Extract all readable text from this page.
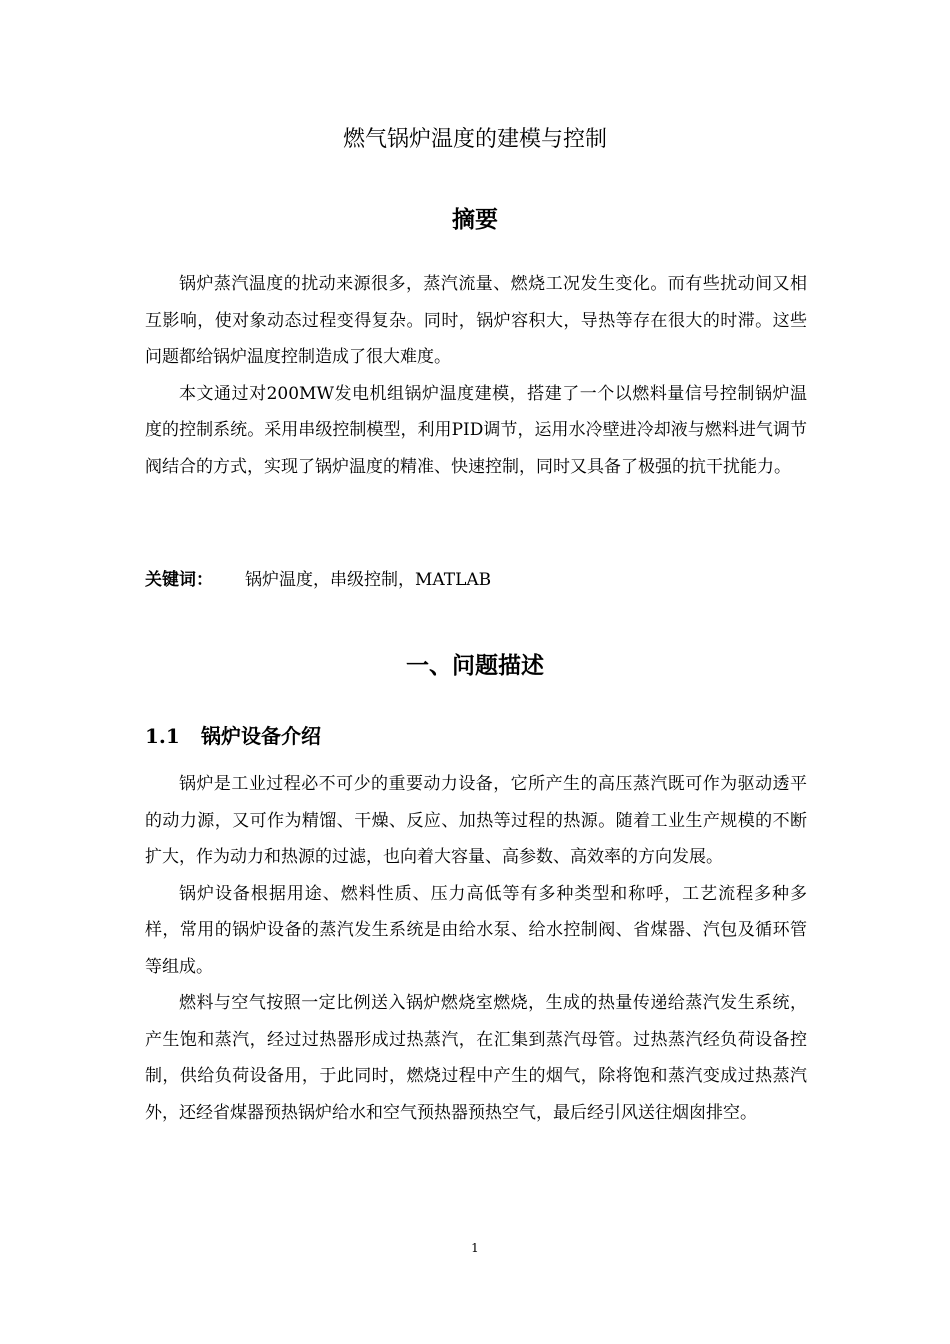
燃气锅炉温度的建模与控制
摘要

锅炉蒸汽温度的扰动来源很多，蒸汽流量、燃烧工况发生变化。而有些扰动间又相互影响，使对象动态过程变得复杂。同时，锅炉容积大，导热等存在很大的时滞。这些问题都给锅炉温度控制造成了很大难度。

本文通过对200MW发电机组锅炉温度建模，搭建了一个以燃料量信号控制锅炉温度的控制系统。采用串级控制模型，利用PID调节，运用水冷壁进冷却液与燃料进气调节阀结合的方式，实现了锅炉温度的精准、快速控制，同时又具备了极强的抗干扰能力。

关键词： 锅炉温度，串级控制，MATLAB
一、问题描述
1.1 锅炉设备介绍

锅炉是工业过程必不可少的重要动力设备，它所产生的高压蒸汽既可作为驱动透平的动力源，又可作为精馏、干燥、反应、加热等过程的热源。随着工业生产规模的不断扩大，作为动力和热源的过滤，也向着大容量、高参数、高效率的方向发展。

锅炉设备根据用途、燃料性质、压力高低等有多种类型和称呼，工艺流程多种多样，常用的锅炉设备的蒸汽发生系统是由给水泵、给水控制阀、省煤器、汽包及循环管等组成。

燃料与空气按照一定比例送入锅炉燃烧室燃烧，生成的热量传递给蒸汽发生系统，产生饱和蒸汽，经过过热器形成过热蒸汽，在汇集到蒸汽母管。过热蒸汽经负荷设备控制，供给负荷设备用，于此同时，燃烧过程中产生的烟气，除将饱和蒸汽变成过热蒸汽外，还经省煤器预热锅炉给水和空气预热器预热空气，最后经引风送往烟囱排空。

1
